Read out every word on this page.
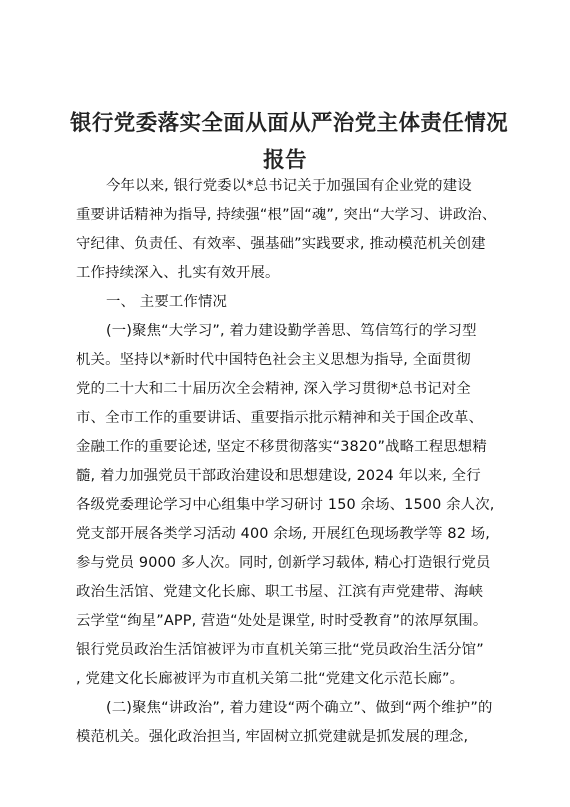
银行党委落实全面从面从严治党主体责任情况
报告
今年以来, 银行党委以*总书记关于加强国有企业党的建设
重要讲话精神为指导, 持续强“根”固“魂”, 突出“大学习、讲政治、
守纪律、负责任、有效率、强基础”实践要求, 推动模范机关创建
工作持续深入、扎实有效开展。
一、 主要工作情况
(一)聚焦“大学习”, 着力建设勤学善思、笃信笃行的学习型
机关。坚持以*新时代中国特色社会主义思想为指导, 全面贯彻
党的二十大和二十届历次全会精神, 深入学习贯彻*总书记对全
市、全市工作的重要讲话、重要指示批示精神和关于国企改革、
金融工作的重要论述, 坚定不移贯彻落实“3820”战略工程思想精
髓, 着力加强党员干部政治建设和思想建设, 2024 年以来, 全行
各级党委理论学习中心组集中学习研讨 150 余场、1500 余人次,
党支部开展各类学习活动 400 余场, 开展红色现场教学等 82 场,
参与党员 9000 多人次。同时, 创新学习载体, 精心打造银行党员
政治生活馆、党建文化长廊、职工书屋、江滨有声党建带、海峡
云学堂“绚星”APP, 营造“处处是课堂, 时时受教育”的浓厚氛围。
银行党员政治生活馆被评为市直机关第三批“党员政治生活分馆”
, 党建文化长廊被评为市直机关第二批“党建文化示范长廊”。
(二)聚焦“讲政治”, 着力建设“两个确立”、做到“两个维护”的
模范机关。强化政治担当, 牢固树立抓党建就是抓发展的理念,
